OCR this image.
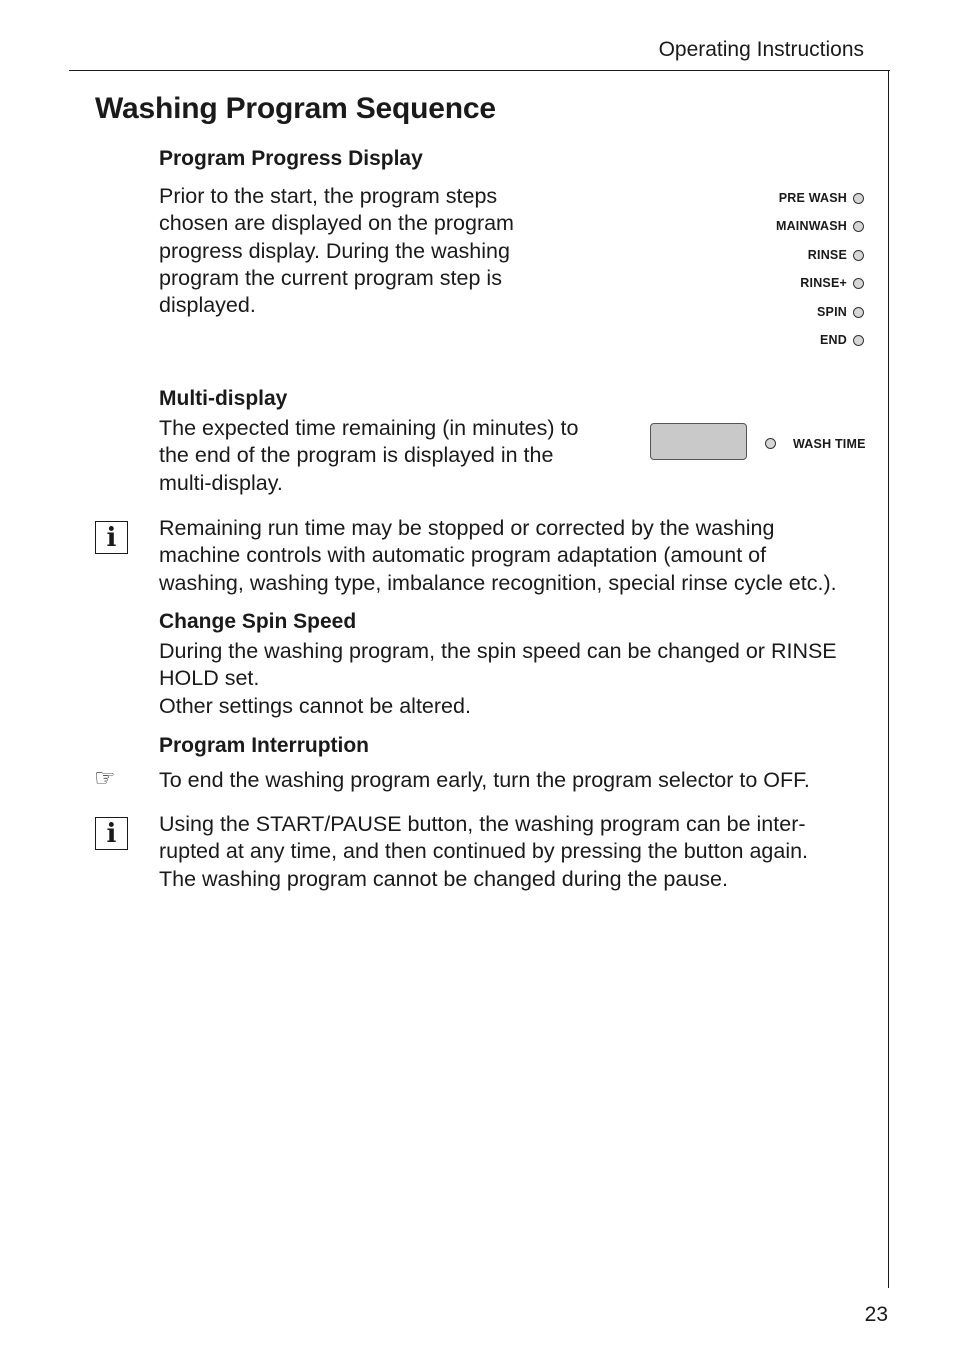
Operating Instructions
Washing Program Sequence
Program Progress Display
Prior to the start, the program steps
chosen are displayed on the program
progress display. During the washing
program the current program step is
displayed.
PRE WASH
MAINWASH
RINSE
RINSE+
SPIN
END
Multi-display
The expected time remaining (in minutes) to
the end of the program is displayed in the
multi-display.
WASH TIME
i Remaining run time may be stopped or corrected by the washing
machine controls with automatic program adaptation (amount of
washing, washing type, imbalance recognition, special rinse cycle etc.).
Change Spin Speed
During the washing program, the spin speed can be changed or RINSE
HOLD set.
Other settings cannot be altered.
Program Interruption
☞ To end the washing program early, turn the program selector to OFF.
i Using the START/PAUSE button, the washing program can be inter-
rupted at any time, and then continued by pressing the button again.
The washing program cannot be changed during the pause.
23
